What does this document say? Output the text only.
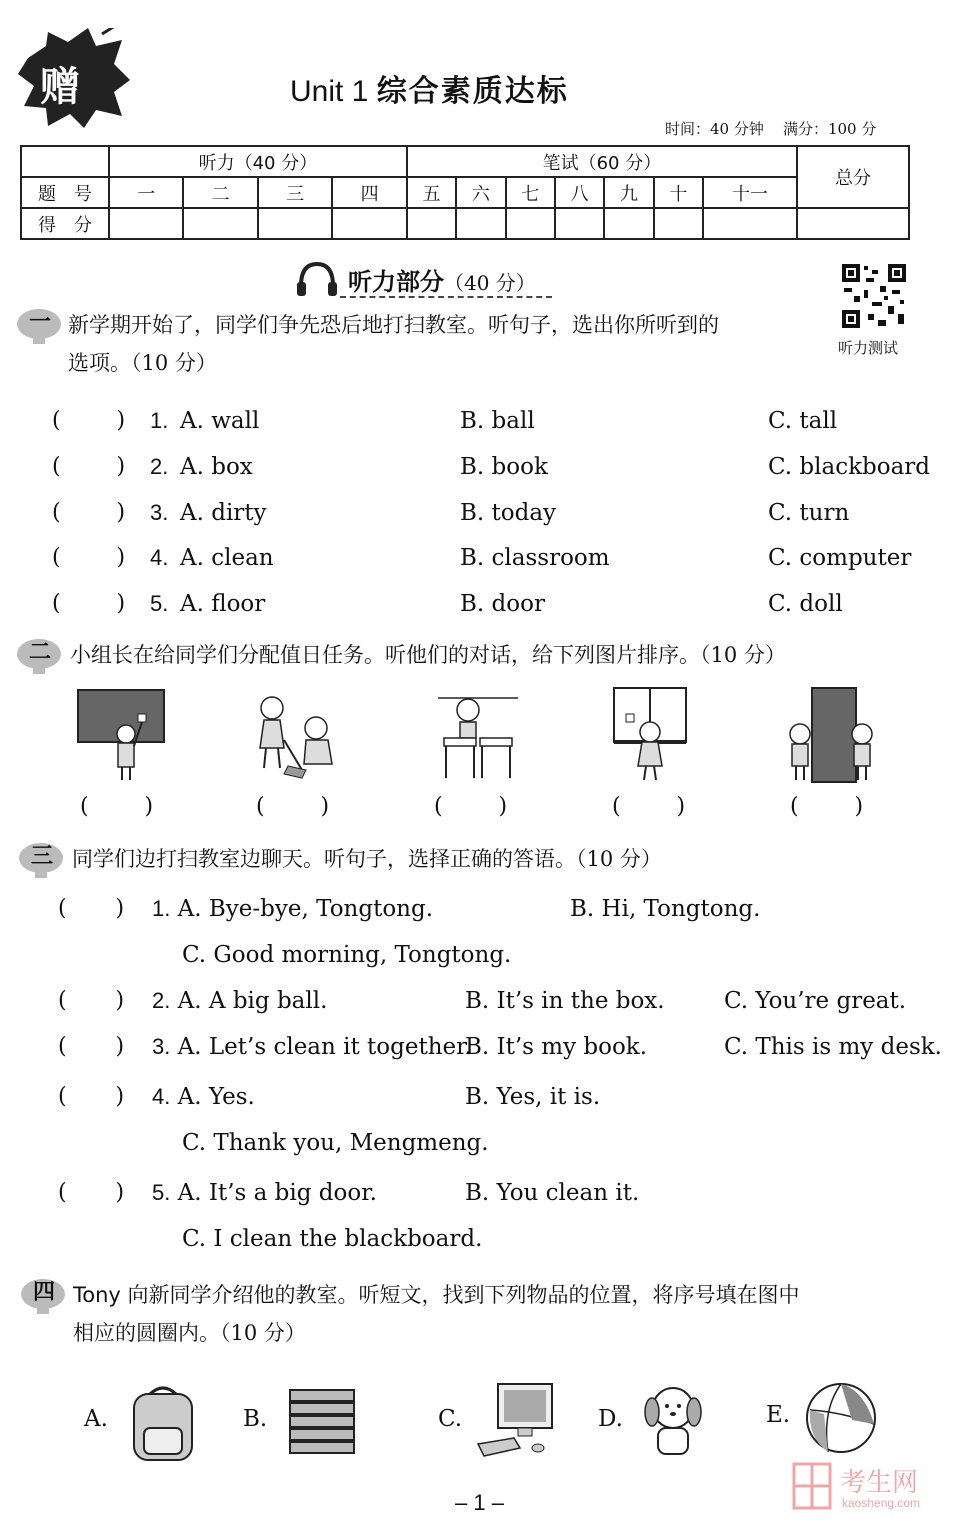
赠	Unit 1 综合素质达标
时间：40 分钟 满分：100 分
	听力（40 分）				笔试（60 分）							总分
题　号	一	二	三	四	五	六	七	八	九	十	十一	
得　分												
听力部分（40 分）
听力测试
一 新学期开始了，同学们争先恐后地打扫教室。听句子，选出你所听到的
选项。（10 分）
(        ) 1. A. wall	B. ball	C. tall
(        ) 2. A. box	B. book	C. blackboard
(        ) 3. A. dirty	B. today	C. turn
(        ) 4. A. clean	B. classroom	C. computer
(        ) 5. A. floor	B. door	C. doll
二 小组长在给同学们分配值日任务。听他们的对话，给下列图片排序。（10 分）
(        )	(        )	(        )	(        )	(        )
三 同学们边打扫教室边聊天。听句子，选择正确的答语。（10 分）
(       ) 1. A. Bye-bye, Tongtong.	B. Hi, Tongtong.
C. Good morning, Tongtong.
(       ) 2. A. A big ball.	B. It’s in the box.	C. You’re great.
(       ) 3. A. Let’s clean it together.
B. It’s my book.	C. This is my desk.
(       ) 4. A. Yes.	B. Yes, it is.
C. Thank you, Mengmeng.
(       ) 5. A. It’s a big door.	B. You clean it.
C. I clean the blackboard.
四 Tony 向新同学介绍他的教室。听短文，找到下列物品的位置，将序号填在图中
相应的圆圈内。（10 分）
A.	B.	C.	D.	E.
– 1 –
考生网
kaosheng.com
